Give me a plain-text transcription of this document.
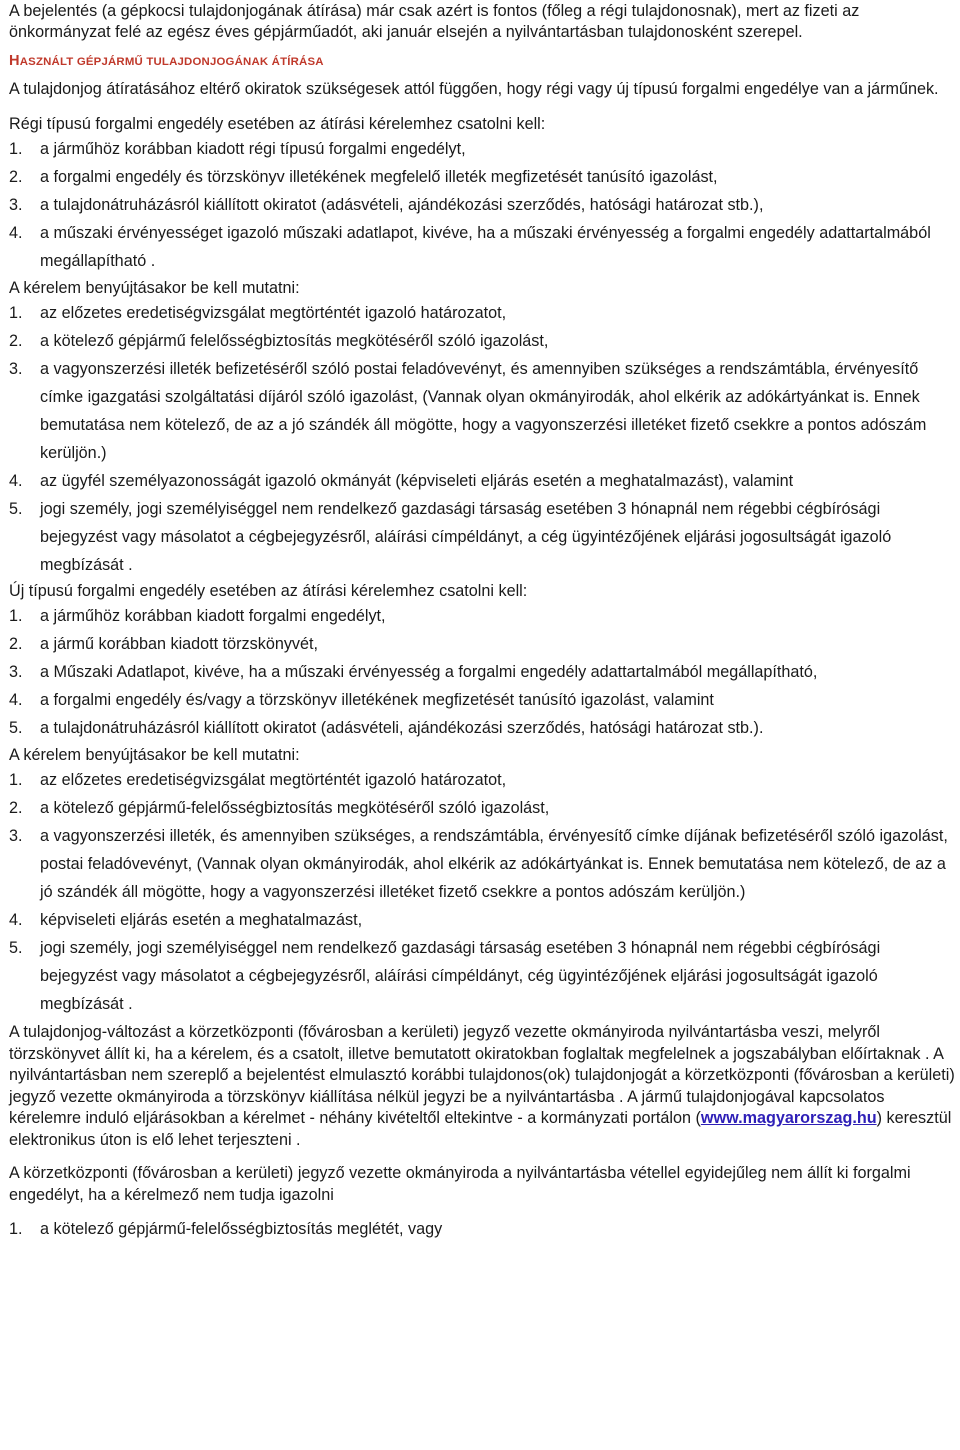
A bejelentés (a gépkocsi tulajdonjogának átírása) már csak azért is fontos (főleg a régi tulajdonosnak), mert az fizeti az önkormányzat felé az egész éves gépjárműadót, aki január elsején a nyilvántartásban tulajdonosként szerepel.

HASZNÁLT GÉPJÁRMŰ TULAJDONJOGÁNAK ÁTÍRÁSA

A tulajdonjog átíratásához eltérő okiratok szükségesek attól függően, hogy régi vagy új típusú forgalmi engedélye van a járműnek.

Régi típusú forgalmi engedély esetében az átírási kérelemhez csatolni kell:

1. a járműhöz korábban kiadott régi típusú forgalmi engedélyt,
2. a forgalmi engedély és törzskönyv illetékének megfelelő illeték megfizetését tanúsító igazolást,
3. a tulajdonátruházásról kiállított okiratot (adásvételi, ajándékozási szerződés, hatósági határozat stb.),
4. a műszaki érvényességet igazoló műszaki adatlapot, kivéve, ha a műszaki érvényesség a forgalmi engedély adattartalmából megállapítható .

A kérelem benyújtásakor be kell mutatni:

1. az előzetes eredetiségvizsgálat megtörténtét igazoló határozatot,
2. a kötelező gépjármű felelősségbiztosítás megkötéséről szóló igazolást,
3. a vagyonszerzési illeték befizetéséről szóló postai feladóvevényt, és amennyiben szükséges a rendszámtábla, érvényesítő címke igazgatási szolgáltatási díjáról szóló igazolást, (Vannak olyan okmányirodák, ahol elkérik az adókártyánkat is. Ennek bemutatása nem kötelező, de az a jó szándék áll mögötte, hogy a vagyonszerzési illetéket fizető csekkre a pontos adószám kerüljön.)
4. az ügyfél személyazonosságát igazoló okmányát (képviseleti eljárás esetén a meghatalmazást), valamint
5. jogi személy, jogi személyiséggel nem rendelkező gazdasági társaság esetében 3 hónapnál nem régebbi cégbírósági bejegyzést vagy másolatot a cégbejegyzésről, aláírási címpéldányt, a cég ügyintézőjének eljárási jogosultságát igazoló megbízását .

Új típusú forgalmi engedély esetében az átírási kérelemhez csatolni kell:

1. a járműhöz korábban kiadott forgalmi engedélyt,
2. a jármű korábban kiadott törzskönyvét,
3. a Műszaki Adatlapot, kivéve, ha a műszaki érvényesség a forgalmi engedély adattartalmából megállapítható,
4. a forgalmi engedély és/vagy a törzskönyv illetékének megfizetését tanúsító igazolást, valamint
5. a tulajdonátruházásról kiállított okiratot (adásvételi, ajándékozási szerződés, hatósági határozat stb.).

A kérelem benyújtásakor be kell mutatni:

1. az előzetes eredetiségvizsgálat megtörténtét igazoló határozatot,
2. a kötelező gépjármű-felelősségbiztosítás megkötéséről szóló igazolást,
3. a vagyonszerzési illeték, és amennyiben szükséges, a rendszámtábla, érvényesítő címke díjának befizetéséről szóló igazolást, postai feladóvevényt, (Vannak olyan okmányirodák, ahol elkérik az adókártyánkat is. Ennek bemutatása nem kötelező, de az a jó szándék áll mögötte, hogy a vagyonszerzési illetéket fizető csekkre a pontos adószám kerüljön.)
4. képviseleti eljárás esetén a meghatalmazást,
5. jogi személy, jogi személyiséggel nem rendelkező gazdasági társaság esetében 3 hónapnál nem régebbi cégbírósági bejegyzést vagy másolatot a cégbejegyzésről, aláírási címpéldányt, cég ügyintézőjének eljárási jogosultságát igazoló megbízását .

A tulajdonjog-változást a körzetközponti (fővárosban a kerületi) jegyző vezette okmányiroda nyilvántartásba veszi, melyről törzskönyvet állít ki, ha a kérelem, és a csatolt, illetve bemutatott okiratokban foglaltak megfelelnek a jogszabályban előírtaknak . A nyilvántartásban nem szereplő a bejelentést elmulasztó korábbi tulajdonos(ok) tulajdonjogát a körzetközponti (fővárosban a kerületi) jegyző vezette okmányiroda a törzskönyv kiállítása nélkül jegyzi be a nyilvántartásba . A jármű tulajdonjogával kapcsolatos kérelemre induló eljárásokban a kérelmet - néhány kivételtől eltekintve - a kormányzati portálon (www.magyarorszag.hu) keresztül elektronikus úton is elő lehet terjeszteni .

A körzetközponti (fővárosban a kerületi) jegyző vezette okmányiroda a nyilvántartásba vétellel egyidejűleg nem állít ki forgalmi engedélyt, ha a kérelmező nem tudja igazolni

1. a kötelező gépjármű-felelősségbiztosítás meglétét, vagy
